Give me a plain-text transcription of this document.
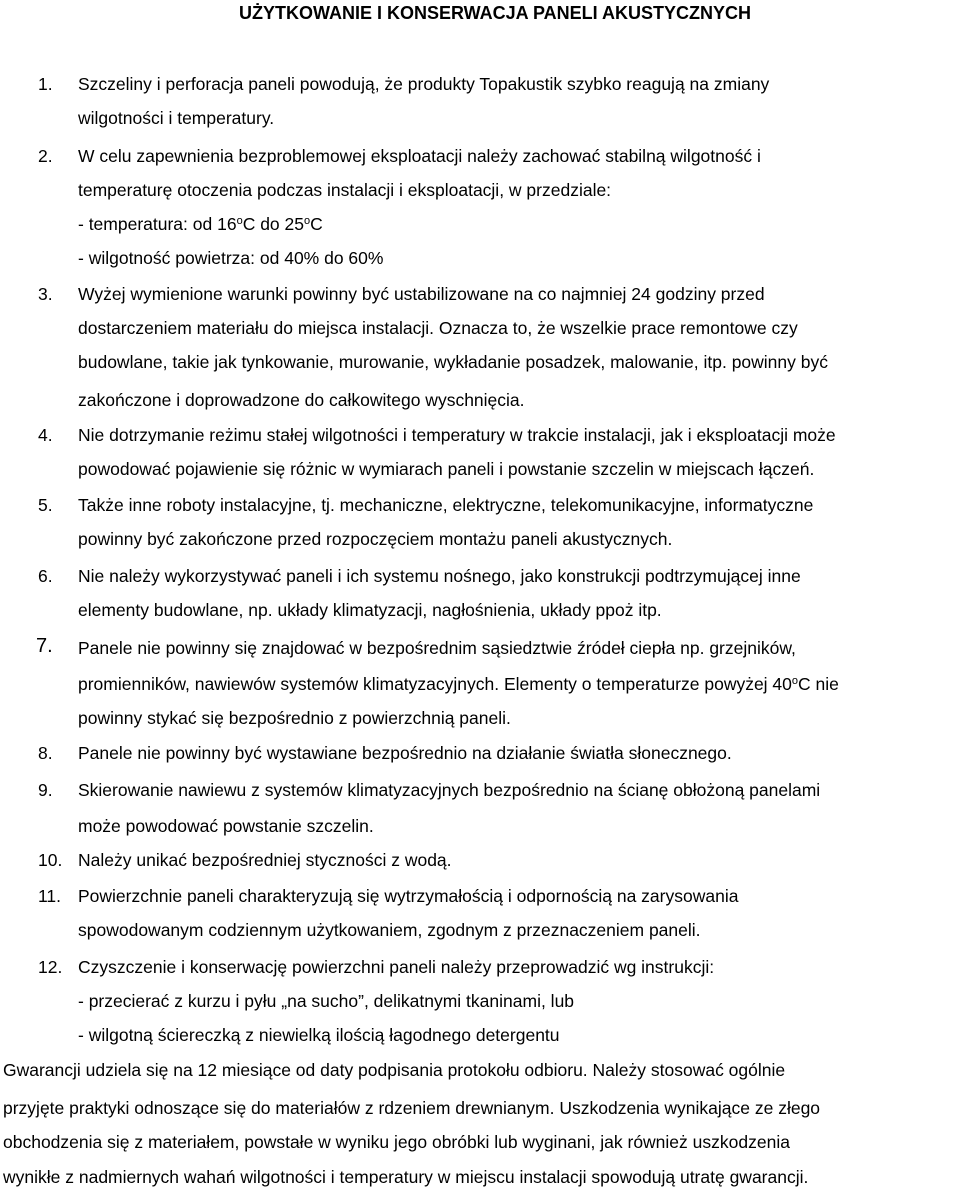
UŻYTKOWANIE I KONSERWACJA PANELI AKUSTYCZNYCH
1. Szczeliny i perforacja paneli powodują, że produkty Topakustik szybko reagują na zmiany
wilgotności i temperatury.
2. W celu zapewnienia bezproblemowej eksploatacji należy zachować stabilną wilgotność i
temperaturę otoczenia podczas instalacji i eksploatacji, w przedziale:
- temperatura: od 16$^o$C do 25$^o$C
- wilgotność powietrza: od 40% do 60%
3. Wyżej wymienione warunki powinny być ustabilizowane na co najmniej 24 godziny przed
dostarczeniem materiału do miejsca instalacji. Oznacza to, że wszelkie prace remontowe czy
budowlane, takie jak tynkowanie, murowanie, wykładanie posadzek, malowanie, itp. powinny być
zakończone i doprowadzone do całkowitego wyschnięcia.
4. Nie dotrzymanie reżimu stałej wilgotności i temperatury w trakcie instalacji, jak i eksploatacji może
powodować pojawienie się różnic w wymiarach paneli i powstanie szczelin w miejscach łączeń.
5. Także inne roboty instalacyjne, tj. mechaniczne, elektryczne, telekomunikacyjne, informatyczne
powinny być zakończone przed rozpoczęciem montażu paneli akustycznych.
6. Nie należy wykorzystywać paneli i ich systemu nośnego, jako konstrukcji podtrzymującej inne
elementy budowlane, np. układy klimatyzacji, nagłośnienia, układy ppoż itp.
7. Panele nie powinny się znajdować w bezpośrednim sąsiedztwie źródeł ciepła np. grzejników,
promienników, nawiewów systemów klimatyzacyjnych. Elementy o temperaturze powyżej 40$^o$C nie
powinny stykać się bezpośrednio z powierzchnią paneli.
8. Panele nie powinny być wystawiane bezpośrednio na działanie światła słonecznego.
9. Skierowanie nawiewu z systemów klimatyzacyjnych bezpośrednio na ścianę obłożoną panelami
może powodować powstanie szczelin.
10. Należy unikać bezpośredniej styczności z wodą.
11. Powierzchnie paneli charakteryzują się wytrzymałością i odpornością na zarysowania
spowodowanym codziennym użytkowaniem, zgodnym z przeznaczeniem paneli.
12. Czyszczenie i konserwację powierzchni paneli należy przeprowadzić wg instrukcji:
- przecierać z kurzu i pyłu „na sucho”, delikatnymi tkaninami, lub
- wilgotną ściereczką z niewielką ilością łagodnego detergentu
Gwarancji udziela się na 12 miesiące od daty podpisania protokołu odbioru. Należy stosować ogólnie
przyjęte praktyki odnoszące się do materiałów z rdzeniem drewnianym. Uszkodzenia wynikające ze złego
obchodzenia się z materiałem, powstałe w wyniku jego obróbki lub wyginani, jak również uszkodzenia
wynikłe z nadmiernych wahań wilgotności i temperatury w miejscu instalacji spowodują utratę gwarancji.
